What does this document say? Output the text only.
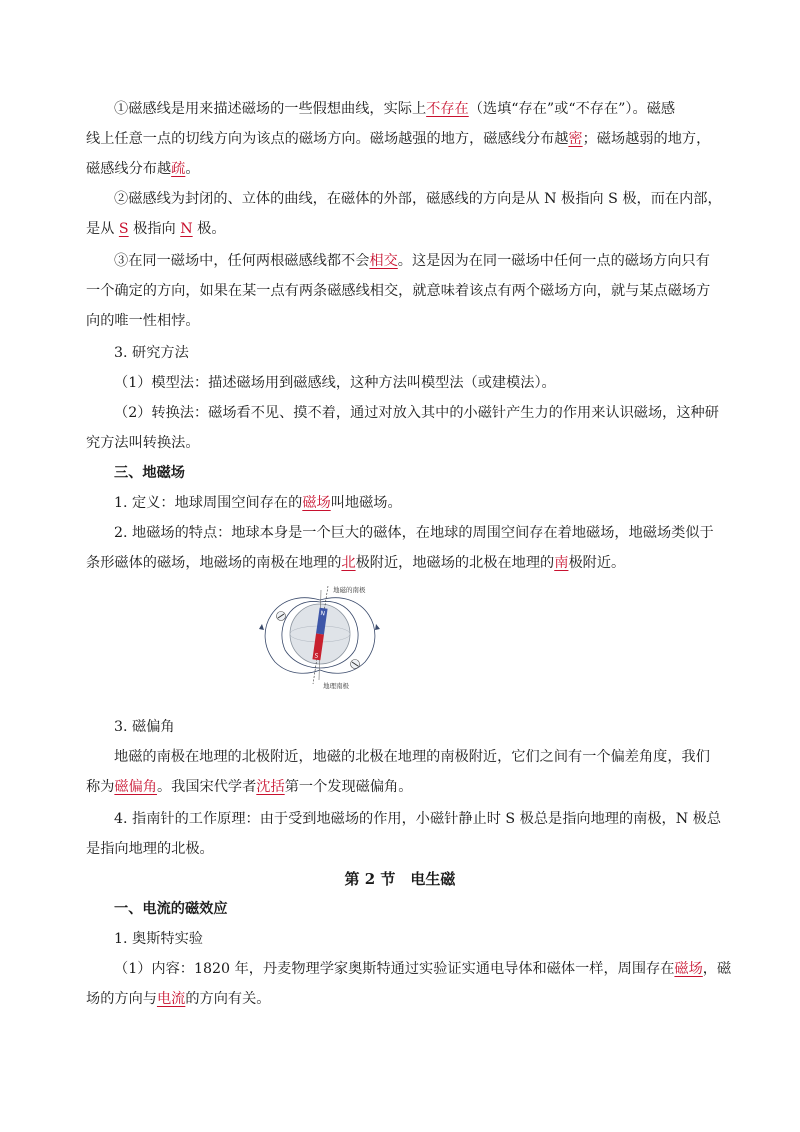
①磁感线是用来描述磁场的一些假想曲线，实际上不存在（选填“存在”或“不存在”）。磁感
线上任意一点的切线方向为该点的磁场方向。磁场越强的地方，磁感线分布越密；磁场越弱的地方，
磁感线分布越疏。
②磁感线为封闭的、立体的曲线，在磁体的外部，磁感线的方向是从 N 极指向 S 极，而在内部，
是从 S 极指向 N 极。
③在同一磁场中，任何两根磁感线都不会相交。这是因为在同一磁场中任何一点的磁场方向只有
一个确定的方向，如果在某一点有两条磁感线相交，就意味着该点有两个磁场方向，就与某点磁场方
向的唯一性相悖。
3. 研究方法
（1）模型法：描述磁场用到磁感线，这种方法叫模型法（或建模法）。
（2）转换法：磁场看不见、摸不着，通过对放入其中的小磁针产生力的作用来认识磁场，这种研
究方法叫转换法。
三、地磁场
1. 定义：地球周围空间存在的磁场叫地磁场。
2. 地磁场的特点：地球本身是一个巨大的磁体，在地球的周围空间存在着地磁场，地磁场类似于
条形磁体的磁场，地磁场的南极在地理的北极附近，地磁场的北极在地理的南极附近。
N
S
地磁的南极
地理南极
3. 磁偏角
地磁的南极在地理的北极附近，地磁的北极在地理的南极附近，它们之间有一个偏差角度，我们
称为磁偏角。我国宋代学者沈括第一个发现磁偏角。
4. 指南针的工作原理：由于受到地磁场的作用，小磁针静止时 S 极总是指向地理的南极，N 极总
是指向地理的北极。
第 2 节　电生磁
一、电流的磁效应
1. 奥斯特实验
（1）内容：1820 年，丹麦物理学家奥斯特通过实验证实通电导体和磁体一样，周围存在磁场，磁
场的方向与电流的方向有关。
